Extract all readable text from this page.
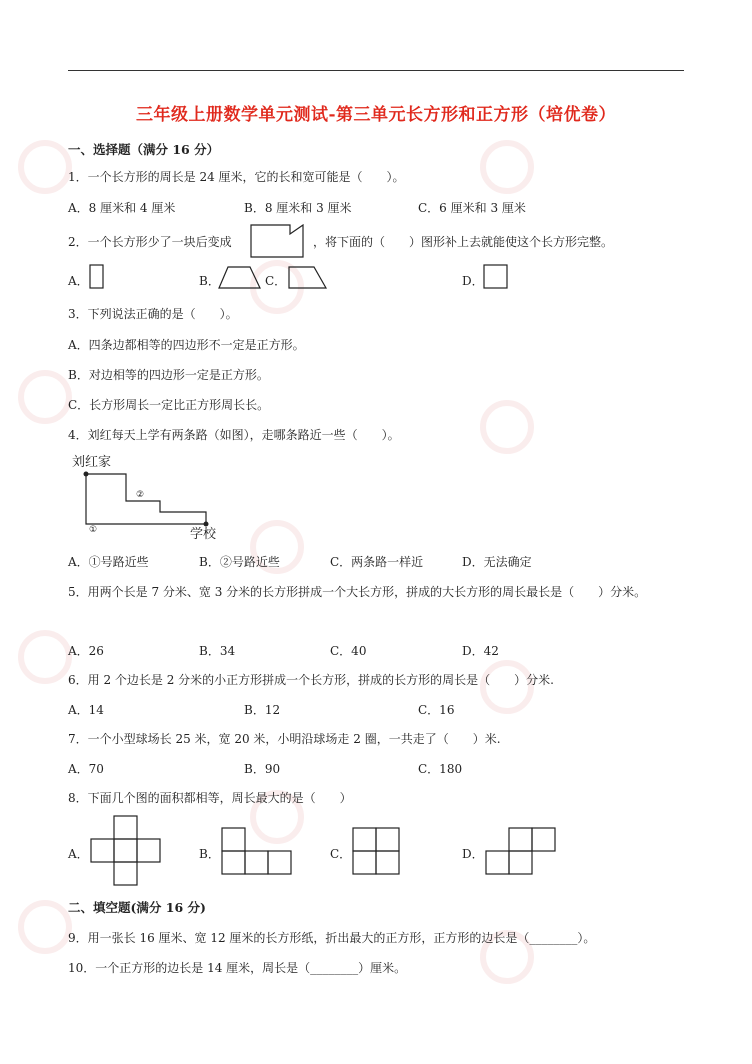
三年级上册数学单元测试-第三单元长方形和正方形（培优卷）
一、选择题（满分 16 分）
1．一个长方形的周长是 24 厘米，它的长和宽可能是（　　）。
A．8 厘米和 4 厘米	B．8 厘米和 3 厘米	C．6 厘米和 3 厘米
2．一个长方形少了一块后变成	，将下面的（　　）图形补上去就能使这个长方形完整。
A．	B．	C．	D．
3．下列说法正确的是（　　）。
A．四条边都相等的四边形不一定是正方形。
B．对边相等的四边形一定是正方形。
C．长方形周长一定比正方形周长长。
4．刘红每天上学有两条路（如图），走哪条路近一些（　　）。
刘红家
②
①	学校
A．①号路近些	B．②号路近些	C．两条路一样近	D．无法确定
5．用两个长是 7 分米、宽 3 分米的长方形拼成一个大长方形，拼成的大长方形的周长最长是（　　）分米。
A．26	B．34	C．40	D．42
6．用 2 个边长是 2 分米的小正方形拼成一个长方形，拼成的长方形的周长是（　　）分米.
A．14	B．12	C．16
7．一个小型球场长 25 米，宽 20 米，小明沿球场走 2 圈，一共走了（　　）米.
A．70	B．90	C．180
8．下面几个图的面积都相等，周长最大的是（　　）
A．	B．	C．	D．
二、填空题(满分 16 分)
9．用一张长 16 厘米、宽 12 厘米的长方形纸，折出最大的正方形，正方形的边长是（________）。
10．一个正方形的边长是 14 厘米，周长是（________）厘米。
